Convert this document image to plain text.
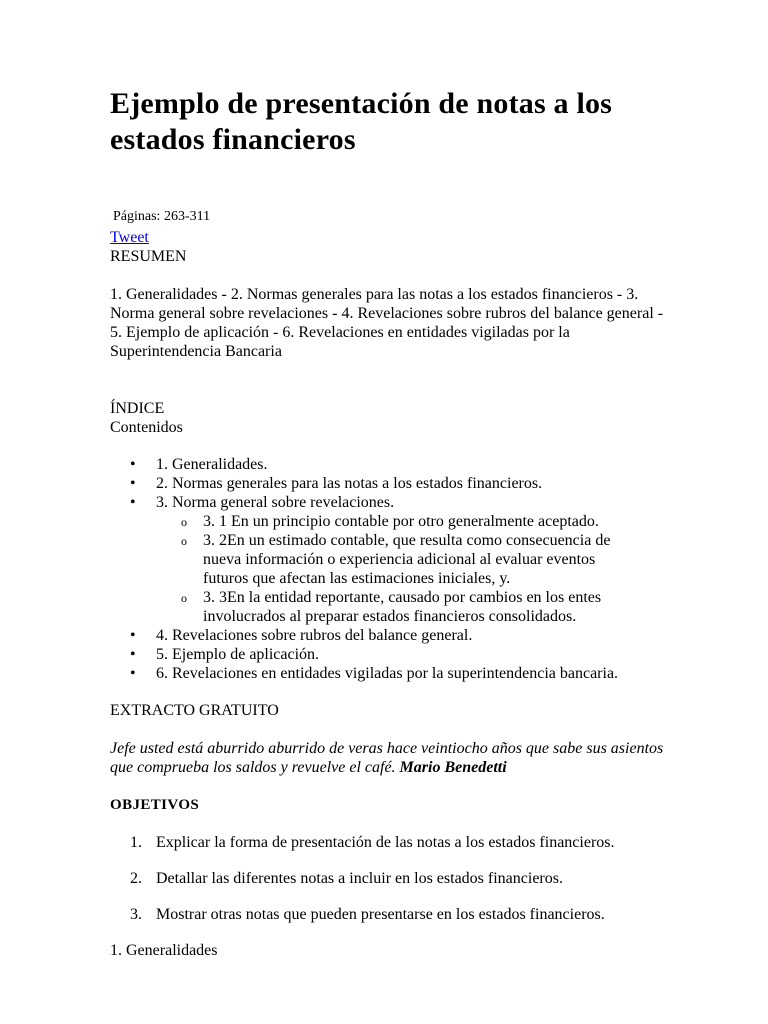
Ejemplo de presentación de notas a los
estados financieros
Páginas: 263-311
Tweet
RESUMEN
1. Generalidades - 2. Normas generales para las notas a los estados financieros - 3. Norma general sobre revelaciones - 4. Revelaciones sobre rubros del balance general - 5. Ejemplo de aplicación - 6. Revelaciones en entidades vigiladas por la Superintendencia Bancaria
ÍNDICE
Contenidos
• 1. Generalidades.
• 2. Normas generales para las notas a los estados financieros.
• 3. Norma general sobre revelaciones.
o 3. 1 En un principio contable por otro generalmente aceptado.
o 3. 2En un estimado contable, que resulta como consecuencia de nueva información o experiencia adicional al evaluar eventos futuros que afectan las estimaciones iniciales, y.
o 3. 3En la entidad reportante, causado por cambios en los entes involucrados al preparar estados financieros consolidados.
• 4. Revelaciones sobre rubros del balance general.
• 5. Ejemplo de aplicación.
• 6. Revelaciones en entidades vigiladas por la superintendencia bancaria.
EXTRACTO GRATUITO
Jefe usted está aburrido aburrido de veras hace veintiocho años que sabe sus asientos que comprueba los saldos y revuelve el café. Mario Benedetti
OBJETIVOS
1. Explicar la forma de presentación de las notas a los estados financieros.
2. Detallar las diferentes notas a incluir en los estados financieros.
3. Mostrar otras notas que pueden presentarse en los estados financieros.
1. Generalidades
